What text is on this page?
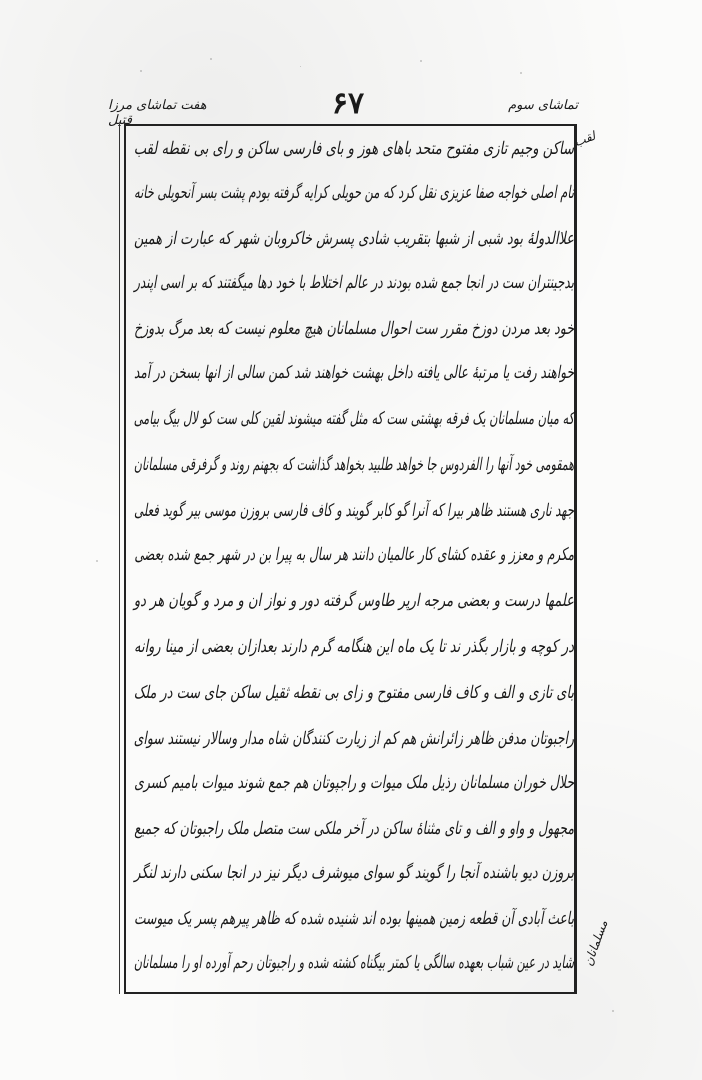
تماشای سوم
۶۷
هفت تماشای مرزا قتیل
ساکن وجیم تازی مفتوح متحد باهای هوز و بای فارسی ساکن و رای بی نقطه لقب
نام اصلی خواجه صفا عزیزی نقل کرد که من حویلی کرایه گرفته بودم پشت بسر آنحویلی خانه
علاالدولهٔ بود شبی از شبها بتقریب شادی پسرش خاکروبان شهر که عبارت از همین
بدجینتران ست در انجا جمع شده بودند در عالم اختلاط با خود دها میگفتند که بر اسی اپندر
خود بعد مردن دوزخ مقرر ست احوال مسلمانان هیچ معلوم نیست که بعد مرگ بدوزخ
خواهند رفت یا مرتبهٔ عالی یافته داخل بهشت خواهند شد کمن سالی از انها بسخن در آمد
که میان مسلمانان یک فرقه بهشتی ست که مثل گفته میشوند لقین کلی ست کو لال بیگ بیامی
همقومی خود آنها را الفردوس جا خواهد طلبید بخواهد گذاشت که بجهنم روند و گرفرقی مسلمانان
جهد ناری هستند ظاهر بیرا که آنرا گو کابر گویند و کاف فارسی بروزن موسی بیر گوید فعلی
مکرم و معزز و عقده کشای کار عالمیان دانند هر سال به پیرا بن در شهر جمع شده بعضی
علمها درست و بعضی مرجه ارپر طاوس گرفته دور و نواز ان و مرد و گویان هر دو
در کوچه و بازار بگذر ند تا یک ماه این هنگامه گرم دارند بعدازان بعضی از مینا روانه
بای تازی و الف و کاف فارسی مفتوح و زای بی نقطه ثقیل ساکن جای ست در ملک
راجبوتان مدفن ظاهر زائرانش هم کم از زیارت کنندگان شاه مدار وسالار نیستند سوای
حلال خوران مسلمانان رذیل ملک میوات و راجپوتان هم جمع شوند میوات بامیم کسری
مجهول و واو و الف و تای مثناۀ ساکن در آخر ملکی ست متصل ملک راجبوتان که جمیع
بروزن دیو باشنده آنجا را گویند گو سوای میوشرف دیگر نیز در انجا سکنی دارند لنگر
باعث آبادی آن قطعه زمین همینها بوده اند شنیده شده که ظاهر پیرهم پسر یک میوست
شاید در عین شباب بعهده سالگی یا کمتر بیگناه کشته شده و راجبوتان رحم آورده او را مسلمانان
لقب
مسلمانان
